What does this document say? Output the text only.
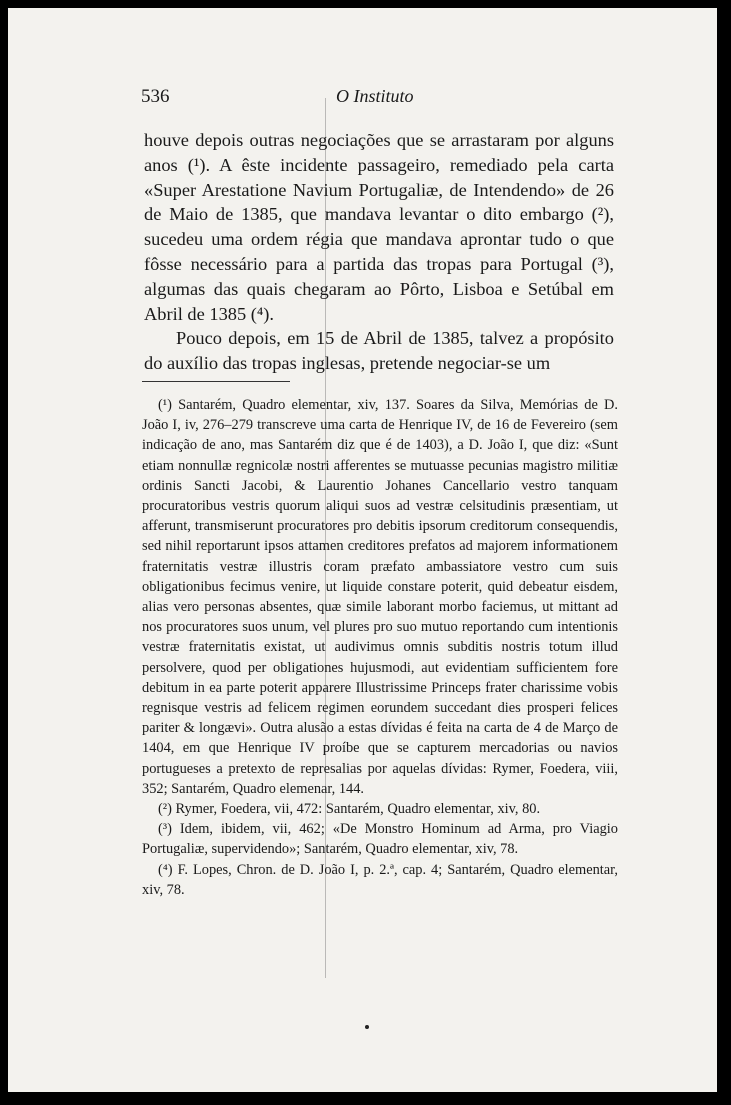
536	O Instituto

houve depois outras negociações que se arrastaram por alguns anos (¹). A êste incidente passageiro, remediado pela carta «Super Arestatione Navium Portugaliæ, de Intendendo» de 26 de Maio de 1385, que mandava levantar o dito embargo (²), sucedeu uma ordem régia que mandava aprontar tudo o que fôsse necessário para a partida das tropas para Portugal (³), algumas das quais chegaram ao Pôrto, Lisboa e Setúbal em Abril de 1385 (⁴).

Pouco depois, em 15 de Abril de 1385, talvez a propósito do auxílio das tropas inglesas, pretende negociar-se um

(¹) Santarém, Quadro elementar, xiv, 137. Soares da Silva, Memórias de D. João I, iv, 276–279 transcreve uma carta de Henrique IV, de 16 de Fevereiro (sem indicação de ano, mas Santarém diz que é de 1403), a D. João I, que diz: «Sunt etiam nonnullæ regnicolæ nostri afferentes se mutuasse pecunias magistro militiæ ordinis Sancti Jacobi, & Laurentio Johanes Cancellario vestro tanquam procuratoribus vestris quorum aliqui suos ad vestræ celsitudinis præsentiam, ut afferunt, transmiserunt procuratores pro debitis ipsorum creditorum consequendis, sed nihil reportarunt ipsos attamen creditores prefatos ad majorem informationem fraternitatis vestræ illustris coram præfato ambassiatore vestro cum suis obligationibus fecimus venire, ut liquide constare poterit, quid debeatur eisdem, alias vero personas absentes, quæ simile laborant morbo faciemus, ut mittant ad nos procuratores suos unum, vel plures pro suo mutuo reportando cum intentionis vestræ fraternitatis existat, ut audivimus omnis subditis nostris totum illud persolvere, quod per obligationes hujusmodi, aut evidentiam sufficientem fore debitum in ea parte poterit apparere Illustrissime Princeps frater charissime vobis regnisque vestris ad felicem regimen eorundem succedant dies prosperi felices pariter & longævi». Outra alusão a estas dívidas é feita na carta de 4 de Março de 1404, em que Henrique IV proíbe que se capturem mercadorias ou navios portugueses a pretexto de represalias por aquelas dívidas: Rymer, Foedera, viii, 352; Santarém, Quadro elemenar, 144.

(²) Rymer, Foedera, vii, 472: Santarém, Quadro elementar, xiv, 80.

(³) Idem, ibidem, vii, 462; «De Monstro Hominum ad Arma, pro Viagio Portugaliæ, supervidendo»; Santarém, Quadro elementar, xiv, 78.

(⁴) F. Lopes, Chron. de D. João I, p. 2.ª, cap. 4; Santarém, Quadro elementar, xiv, 78.
